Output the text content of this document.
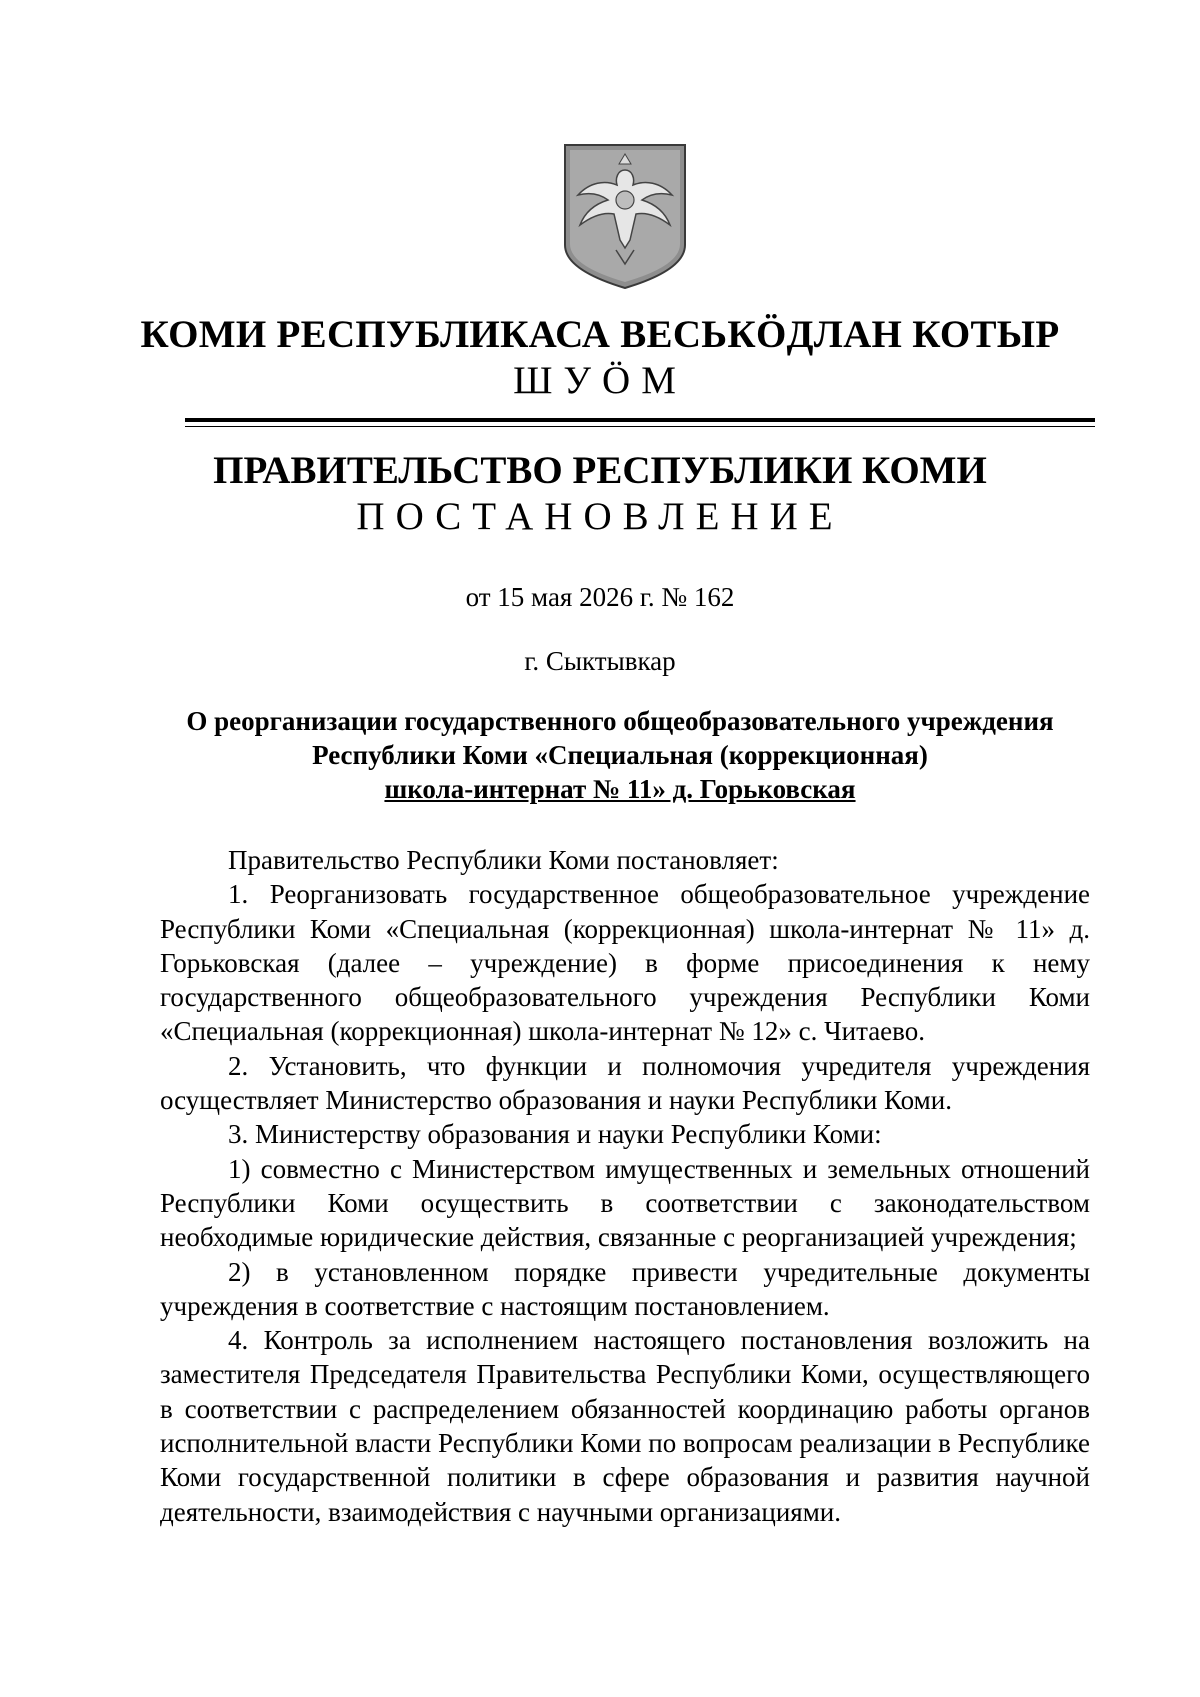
КОМИ РЕСПУБЛИКАСА ВЕСЬКӦДЛАН КОТЫР
ШУӦМ
ПРАВИТЕЛЬСТВО РЕСПУБЛИКИ КОМИ
ПОСТАНОВЛЕНИЕ
от 15 мая 2026 г. № 162
г. Сыктывкар
О реорганизации государственного общеобразовательного учреждения
Республики Коми «Специальная (коррекционная)
школа-интернат № 11» д. Горьковская

Правительство Республики Коми постановляет:

1. Реорганизовать государственное общеобразовательное учреждение Республики Коми «Специальная (коррекционная) школа-интернат № 11» д. Горьковская (далее – учреждение) в форме присоединения к нему государственного общеобразовательного учреждения Республики Коми «Специальная (коррекционная) школа-интернат № 12» с. Читаево.

2. Установить, что функции и полномочия учредителя учреждения осуществляет Министерство образования и науки Республики Коми.

3. Министерству образования и науки Республики Коми:

1) совместно с Министерством имущественных и земельных отношений Республики Коми осуществить в соответствии с законодательством необходимые юридические действия, связанные с реорганизацией учреждения;

2) в установленном порядке привести учредительные документы учреждения в соответствие с настоящим постановлением.

4. Контроль за исполнением настоящего постановления возложить на заместителя Председателя Правительства Республики Коми, осуществляющего в соответствии с распределением обязанностей координацию работы органов исполнительной власти Республики Коми по вопросам реализации в Республике Коми государственной политики в сфере образования и развития научной деятельности, взаимодействия с научными организациями.
